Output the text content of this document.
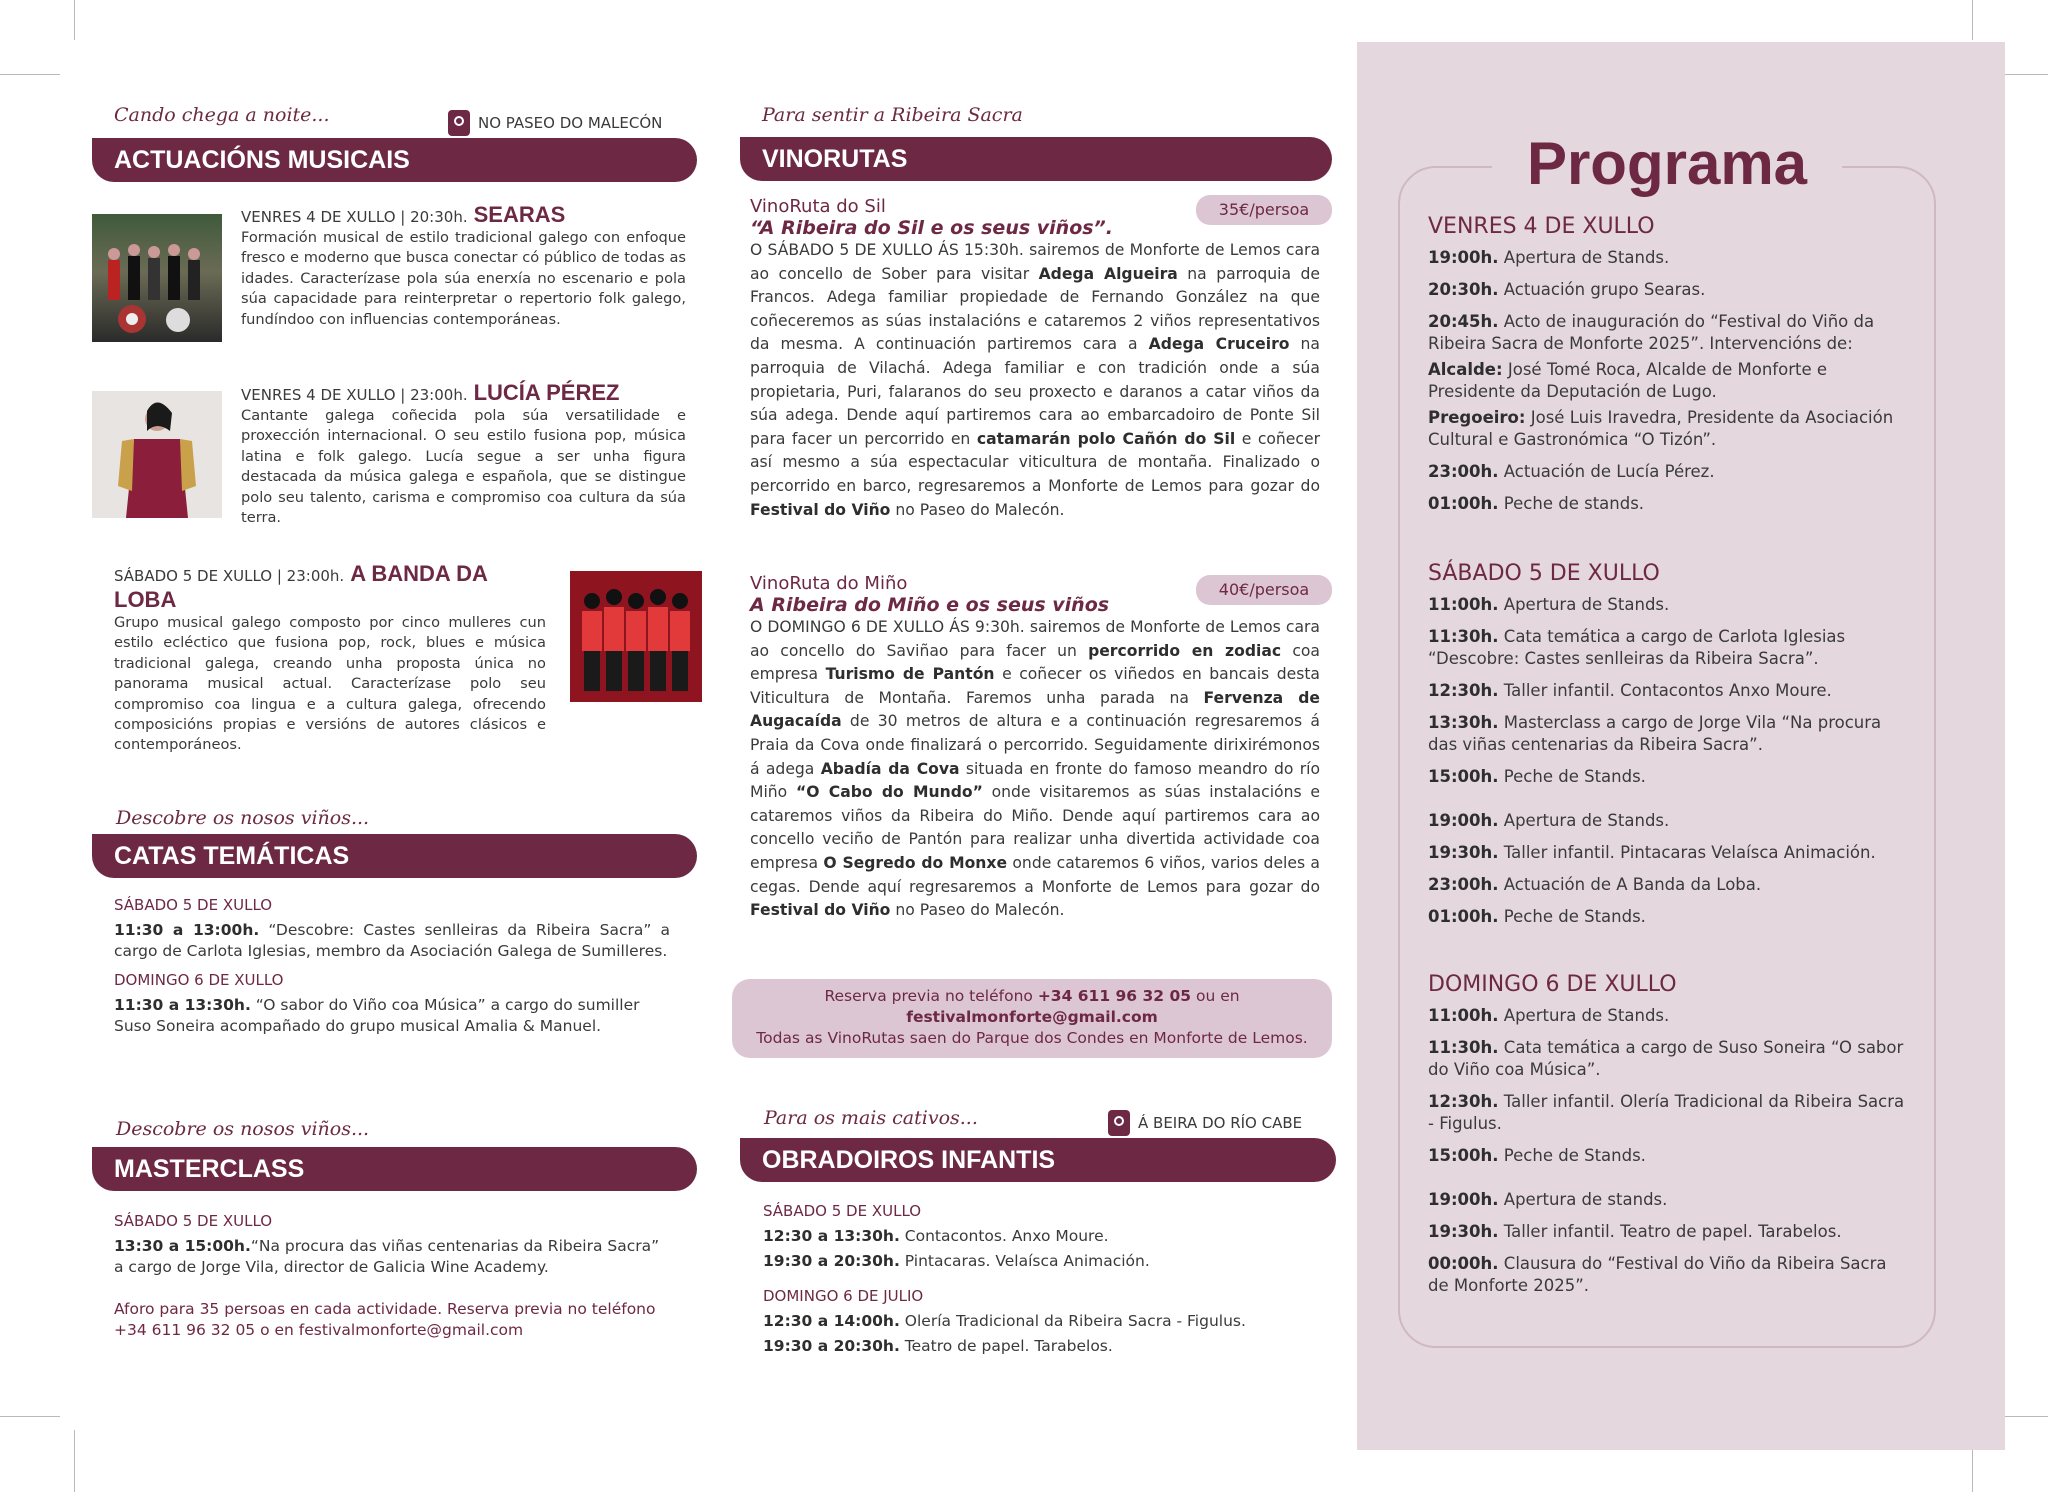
Cando chega a noite...	NO PASEO DO MALECÓN
ACTUACIÓNS MUSICAIS
VENRES 4 DE XULLO | 20:30h. SEARAS
Formación musical de estilo tradicional galego con enfoque fresco e moderno que busca conectar có público de todas as idades. Caracterízase pola súa enerxía no escenario e pola súa capacidade para reinterpretar o repertorio folk galego, fundíndoo con influencias contemporáneas.
VENRES 4 DE XULLO | 23:00h. LUCÍA PÉREZ
Cantante galega coñecida pola súa versatilidade e proxección internacional. O seu estilo fusiona pop, música latina e folk galego. Lucía segue a ser unha figura destacada da música galega e española, que se distingue polo seu talento, carisma e compromiso coa cultura da súa terra.
SÁBADO 5 DE XULLO | 23:00h. A BANDA DA LOBA
Grupo musical galego composto por cinco mulleres cun estilo ecléctico que fusiona pop, rock, blues e música tradicional galega, creando unha proposta única no panorama musical actual. Caracterízase polo seu compromiso coa lingua e a cultura galega, ofrecendo composicións propias e versións de autores clásicos e contemporáneos.
Descobre os nosos viños...
CATAS TEMÁTICAS
SÁBADO 5 DE XULLO
11:30 a 13:00h. “Descobre: Castes senlleiras da Ribeira Sacra” a cargo de Carlota Iglesias, membro da Asociación Galega de Sumilleres.
DOMINGO 6 DE XULLO
11:30 a 13:30h. “O sabor do Viño coa Música” a cargo do sumiller Suso Soneira acompañado do grupo musical Amalia & Manuel.
Descobre os nosos viños...
MASTERCLASS
SÁBADO 5 DE XULLO
13:30 a 15:00h.“Na procura das viñas centenarias da Ribeira Sacra” a cargo de Jorge Vila, director de Galicia Wine Academy.
Aforo para 35 persoas en cada actividade. Reserva previa no teléfono +34 611 96 32 05 o en festivalmonforte@gmail.com
Para sentir a Ribeira Sacra
VINORUTAS
VinoRuta do Sil
“A Ribeira do Sil e os seus viños”.
O SÁBADO 5 DE XULLO ÁS 15:30h. sairemos de Monforte de Lemos cara ao concello de Sober para visitar Adega Algueira na parroquia de Francos. Adega familiar propiedade de Fernando González na que coñeceremos as súas instalacións e cataremos 2 viños representativos da mesma. A continuación partiremos cara a Adega Cruceiro na parroquia de Vilachá. Adega familiar e con tradición onde a súa propietaria, Puri, falaranos do seu proxecto e daranos a catar viños da súa adega. Dende aquí partiremos cara ao embarcadoiro de Ponte Sil para facer un percorrido en catamarán polo Cañón do Sil e coñecer así mesmo a súa espectacular viticultura de montaña. Finalizado o percorrido en barco, regresaremos a Monforte de Lemos para gozar do Festival do Viño no Paseo do Malecón.
35€/persoa
VinoRuta do Miño
A Ribeira do Miño e os seus viños
O DOMINGO 6 DE XULLO ÁS 9:30h. sairemos de Monforte de Lemos cara ao concello do Saviñao para facer un percorrido en zodiac coa empresa Turismo de Pantón e coñecer os viñedos en bancais desta Viticultura de Montaña. Faremos unha parada na Fervenza de Augacaída de 30 metros de altura e a continuación regresaremos á Praia da Cova onde finalizará o percorrido. Seguidamente dirixirémonos á adega Abadía da Cova situada en fronte do famoso meandro do río Miño “O Cabo do Mundo” onde visitaremos as súas instalacións e cataremos viños da Ribeira do Miño. Dende aquí partiremos cara ao concello veciño de Pantón para realizar unha divertida actividade coa empresa O Segredo do Monxe onde cataremos 6 viños, varios deles a cegas. Dende aquí regresaremos a Monforte de Lemos para gozar do Festival do Viño no Paseo do Malecón.
40€/persoa
Reserva previa no teléfono +34 611 96 32 05 ou en
festivalmonforte@gmail.com
Todas as VinoRutas saen do Parque dos Condes en Monforte de Lemos.
Para os mais cativos...	Á BEIRA DO RÍO CABE
OBRADOIROS INFANTIS
SÁBADO 5 DE XULLO
12:30 a 13:30h. Contacontos. Anxo Moure.
19:30 a 20:30h. Pintacaras. Velaísca Animación.
DOMINGO 6 DE JULIO
12:30 a 14:00h. Olería Tradicional da Ribeira Sacra - Figulus.
19:30 a 20:30h. Teatro de papel. Tarabelos.
Programa
VENRES 4 DE XULLO
19:00h. Apertura de Stands.
20:30h. Actuación grupo Searas.
20:45h. Acto de inauguración do “Festival do Viño da Ribeira Sacra de Monforte 2025”. Intervencións de:
Alcalde: José Tomé Roca, Alcalde de Monforte e Presidente da Deputación de Lugo.
Pregoeiro: José Luis Iravedra, Presidente da Asociación Cultural e Gastronómica “O Tizón”.
23:00h. Actuación de Lucía Pérez.
01:00h. Peche de stands.
SÁBADO 5 DE XULLO
11:00h. Apertura de Stands.
11:30h. Cata temática a cargo de Carlota Iglesias “Descobre: Castes senlleiras da Ribeira Sacra”.
12:30h. Taller infantil. Contacontos Anxo Moure.
13:30h. Masterclass a cargo de Jorge Vila “Na procura das viñas centenarias da Ribeira Sacra”.
15:00h. Peche de Stands.
19:00h. Apertura de Stands.
19:30h. Taller infantil. Pintacaras Velaísca Animación.
23:00h. Actuación de A Banda da Loba.
01:00h. Peche de Stands.
DOMINGO 6 DE XULLO
11:00h. Apertura de Stands.
11:30h. Cata temática a cargo de Suso Soneira “O sabor do Viño coa Música”.
12:30h. Taller infantil. Olería Tradicional da Ribeira Sacra - Figulus.
15:00h. Peche de Stands.
19:00h. Apertura de stands.
19:30h. Taller infantil. Teatro de papel. Tarabelos.
00:00h. Clausura do “Festival do Viño da Ribeira Sacra de Monforte 2025”.
